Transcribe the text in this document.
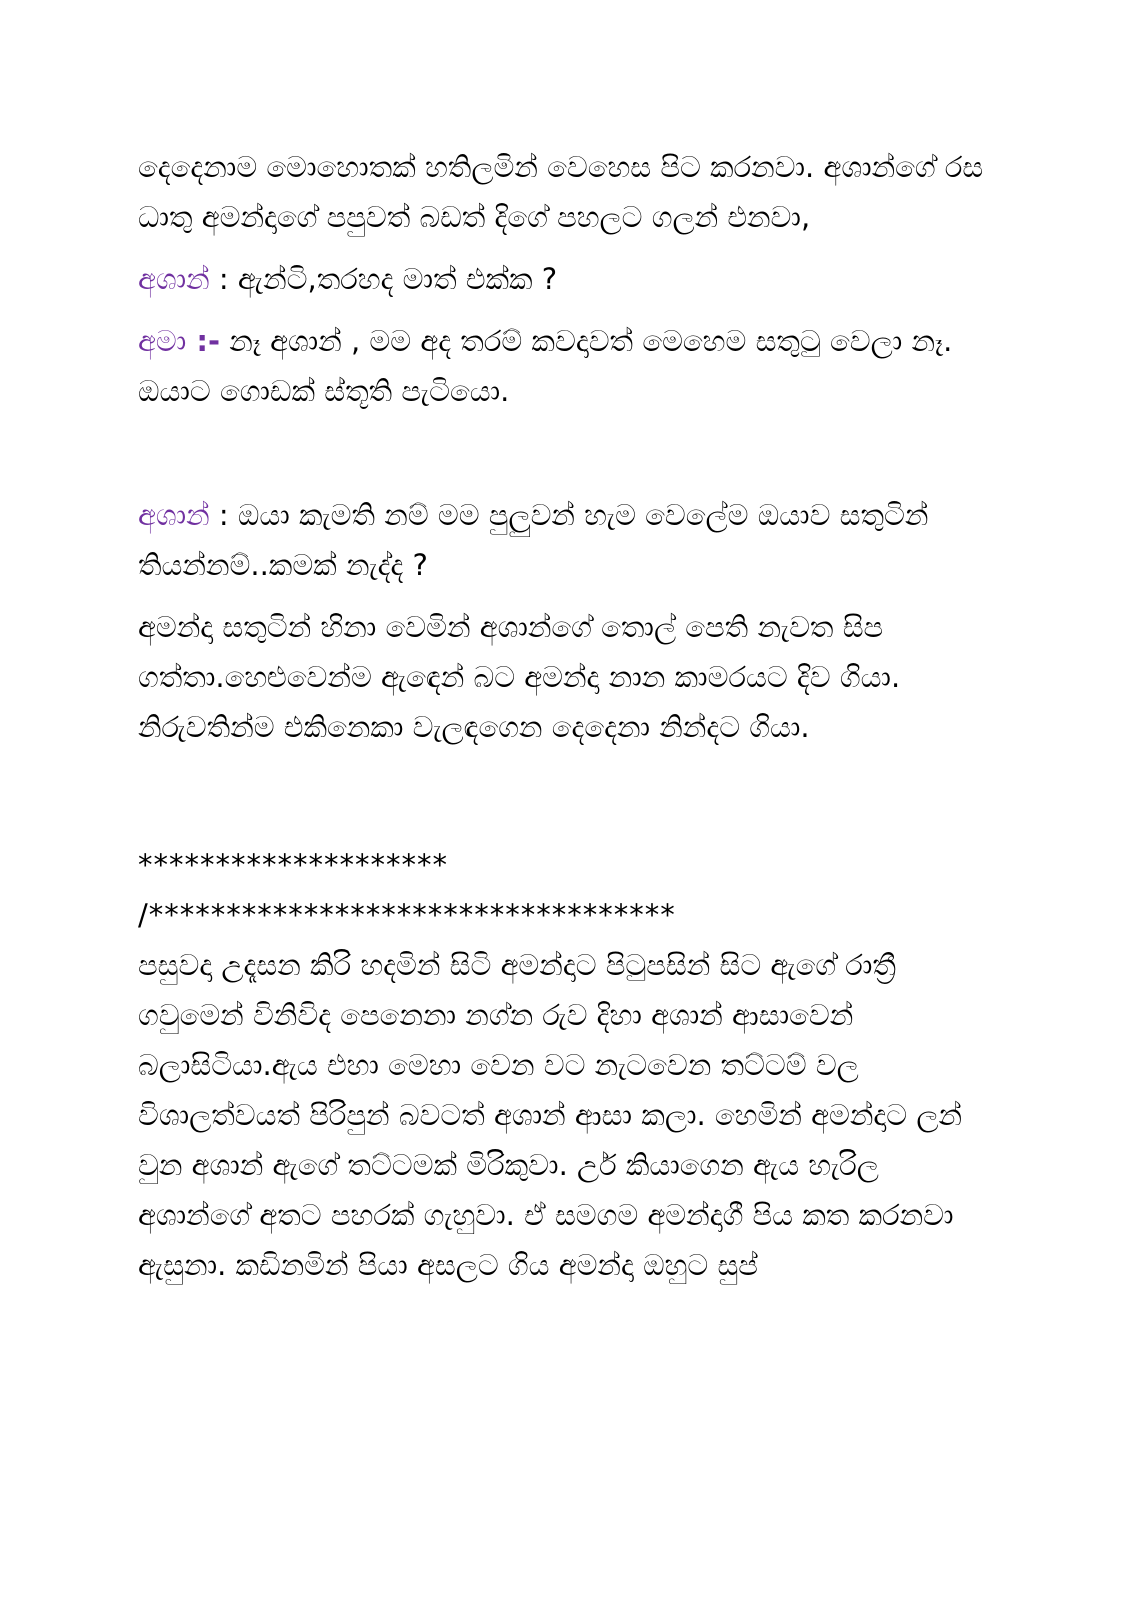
දෙදෙනාම මොහොතක් හතිලමින් වෙහෙස පිට කරනවා. අශාන්ගේ රස ධාතු අමන්දාගේ පපුවත් බඩත් දිගේ පහලට ගලන් එනවා,

අශාන් : ඇන්ටි,තරහද මාත් එක්ක ?

අමා :- නෑ අශාන් , මම අද තරම් කවදාවත් මෙහෙම සතුටු වෙලා නෑ. ඔයාට ගොඩක් ස්තූති පැටියො.

අශාන් : ඔයා කැමති නම් මම පුලුවන් හැම වෙලේම ඔයාව සතුටින් තියන්නම්..කමක් නැද්ද ?

අමන්දා සතුටින් හිනා වෙමින් අශාන්ගේ තොල් පෙති නැවත සිප ගත්තා.හෙළුවෙන්ම ඇඳෙන් බට අමන්දා නාන කාමරයට දිව ගියා. නිරුවතින්ම එකිනෙකා වැලඳගෙන දෙදෙනා නින්දට ගියා.

********************

/**********************************

පසුවදා උදෑසන කිරි හදමින් සිටි අමන්දාට පිටුපසින් සිට ඇගේ රාත්‍රී ගවුමෙන් විනිවිද පෙනෙනා නග්න රුව දිහා අශාන් ආසාවෙන් බලාසිටියා.ඇය එහා මෙහා වෙන වට නැටවෙන තට්ටම් වල විශාලත්වයත් පිරිපුන් බවටත් අශාන් ආසා කලා. හෙමින් අමන්දාට ලන් වුන අශාන් ඇගේ තට්ටමක් මිරිකුවා. උර් කියාගෙන ඇය හැරිල අශාන්ගේ අතට පහරක් ගැහුවා. ඒ සමගම අමන්දාගී පිය කත කරනවා ඇසුනා. කඩිනමින් පියා අසලට ගිය අමන්දා ඔහුට සුප්
